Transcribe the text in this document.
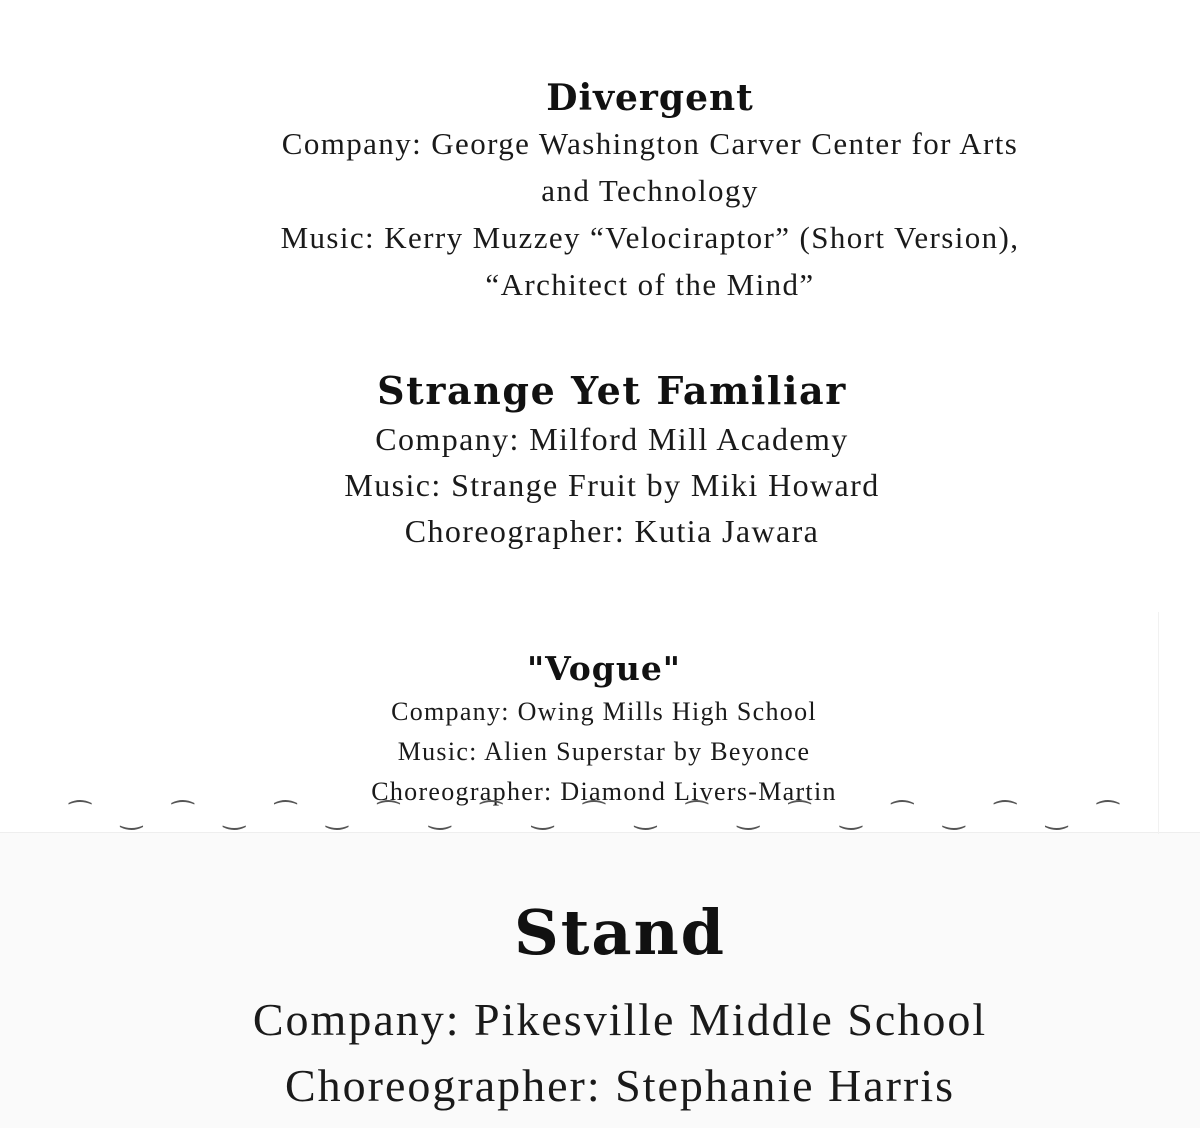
Divergent
Company: George Washington Carver Center for Arts
and Technology
Music: Kerry Muzzey “Velociraptor” (Short Version),
“Architect of the Mind”
Strange Yet Familiar
Company: Milford Mill Academy
Music: Strange Fruit by Miki Howard
Choreographer: Kutia Jawara
"Vogue"
Company: Owing Mills High School
Music: Alien Superstar by Beyonce
Choreographer: Diamond Livers-Martin
⁀ ‿ ⁀ ‿ ⁀ ‿ ⁀ ‿ ⁀ ‿ ⁀ ‿ ⁀ ‿ ⁀ ‿ ⁀ ‿ ⁀ ‿ ⁀
Stand
Company: Pikesville Middle School
Choreographer: Stephanie Harris
